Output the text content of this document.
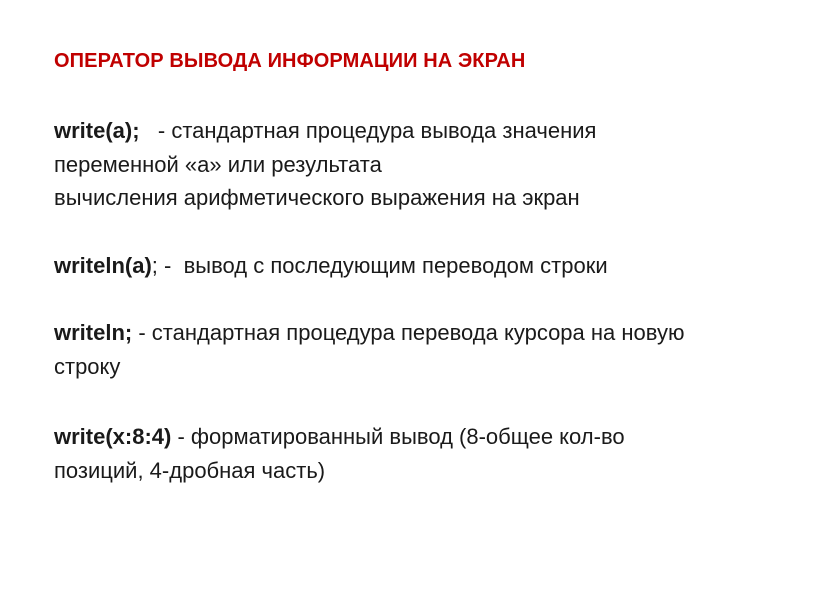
ОПЕРАТОР ВЫВОДА ИНФОРМАЦИИ НА ЭКРАН
write(a);   - стандартная процедура вывода значения
переменной «a» или результата
вычисления арифметического выражения на экран
writeln(a); -  вывод с последующим переводом строки
writeln; - стандартная процедура перевода курсора на новую
строку
write(x:8:4) - форматированный вывод (8-общее кол-во
позиций, 4-дробная часть)
